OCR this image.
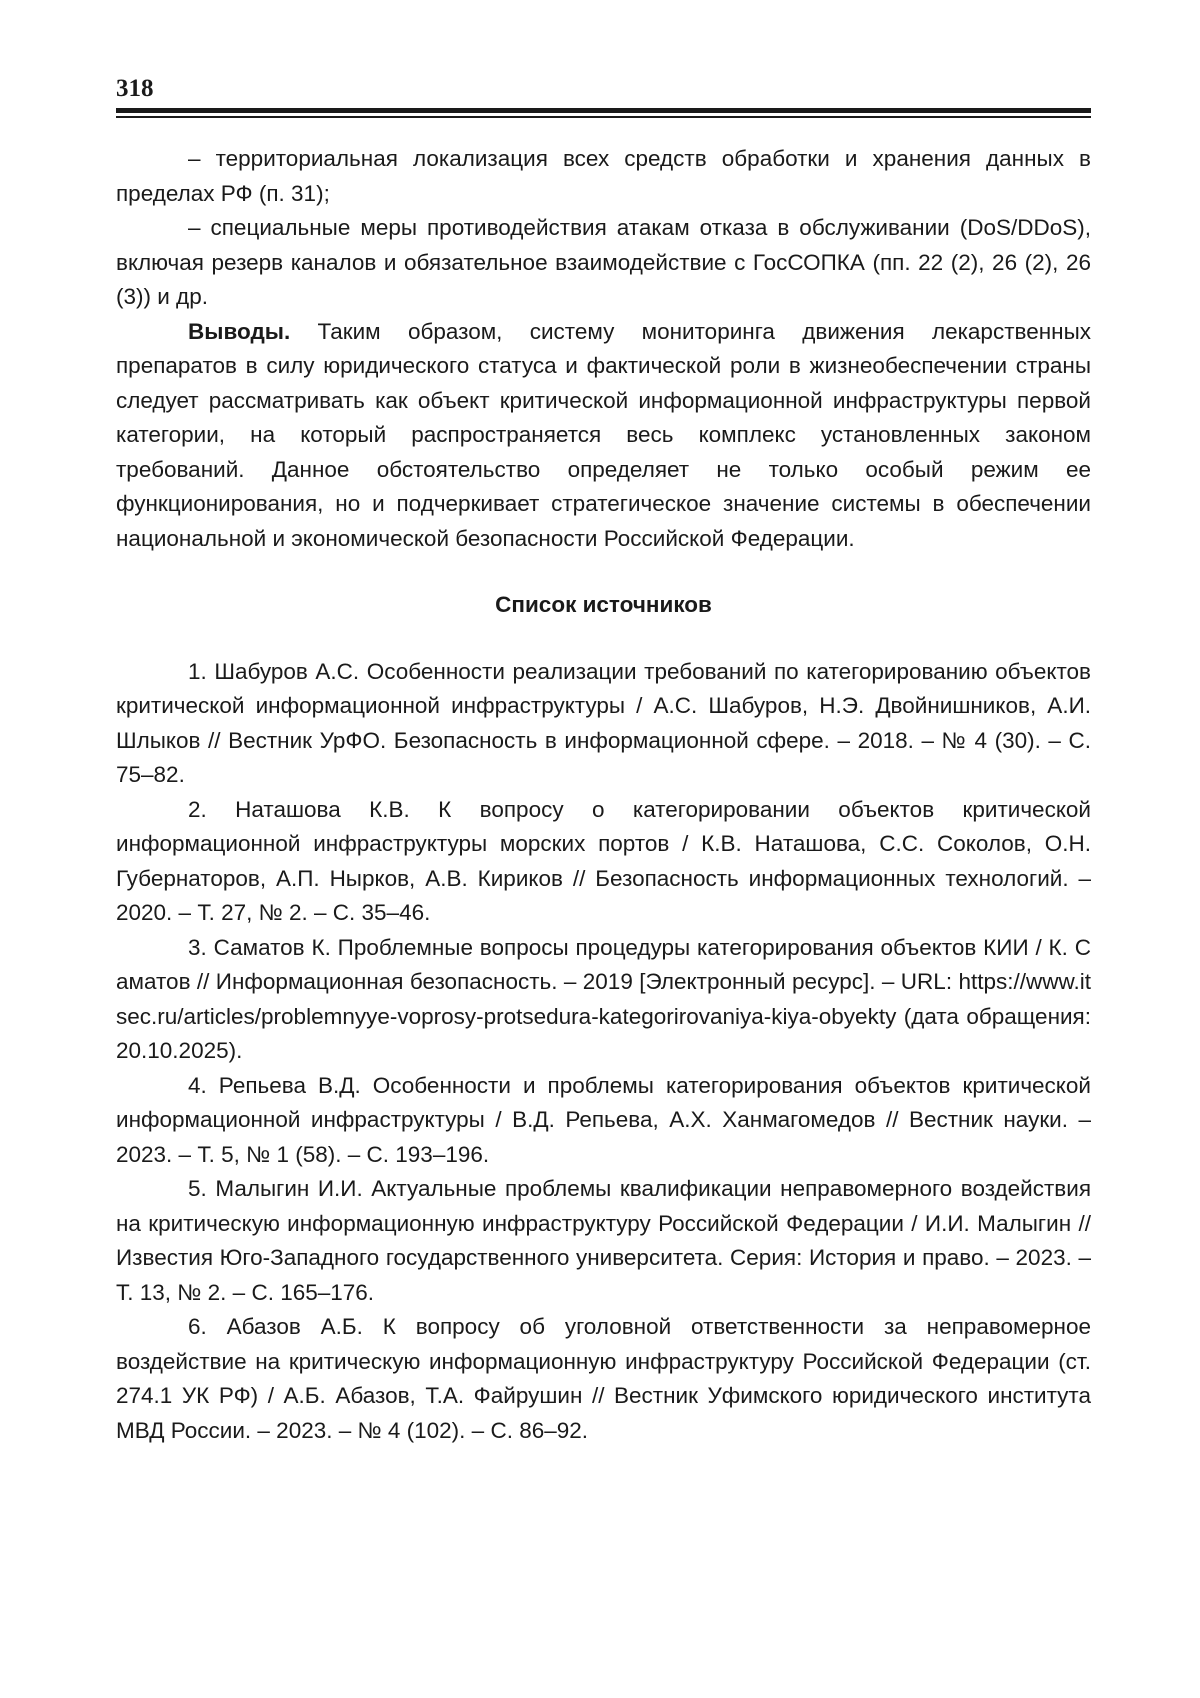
318

– территориальная локализация всех средств обработки и хранения данных в пределах РФ (п. 31);

– специальные меры противодействия атакам отказа в обслуживании (DoS/DDoS), включая резерв каналов и обязательное взаимодействие с ГосСОПКА (пп. 22 (2), 26 (2), 26 (3)) и др.

Выводы. Таким образом, систему мониторинга движения лекарственных препаратов в силу юридического статуса и фактической роли в жизнеобеспечении страны следует рассматривать как объект критической информационной инфраструктуры первой категории, на который распространяется весь комплекс установленных законом требований. Данное обстоятельство определяет не только особый режим ее функционирования, но и подчеркивает стратегическое значение системы в обеспечении национальной и экономической безопасности Российской Федерации.

Список источников

1. Шабуров А.С. Особенности реализации требований по категорированию объектов критической информационной инфраструктуры / А.С. Шабуров, Н.Э. Двойнишников, А.И. Шлыков // Вестник УрФО. Безопасность в информационной сфере. – 2018. – № 4 (30). – С. 75–82.

2. Наташова К.В. К вопросу о категорировании объектов критической информационной инфраструктуры морских портов / К.В. Наташова, С.С. Соколов, О.Н. Губернаторов, А.П. Нырков, А.В. Кириков // Безопасность информационных технологий. – 2020. – Т. 27, № 2. – С. 35–46.

3. Саматов К. Проблемные вопросы процедуры категорирования объектов КИИ / К. Саматов // Информационная безопасность. – 2019 [Электронный ресурс]. – URL: https://www.itsec.ru/articles/problemnyye-voprosy-protsedura-kategorirovaniya-kiya-obyekty (дата обращения: 20.10.2025).

4. Репьева В.Д. Особенности и проблемы категорирования объектов критической информационной инфраструктуры / В.Д. Репьева, А.Х. Ханмагомедов // Вестник науки. – 2023. – Т. 5, № 1 (58). – С. 193–196.

5. Малыгин И.И. Актуальные проблемы квалификации неправомерного воздействия на критическую информационную инфраструктуру Российской Федерации / И.И. Малыгин // Известия Юго-Западного государственного университета. Серия: История и право. – 2023. – Т. 13, № 2. – С. 165–176.

6. Абазов А.Б. К вопросу об уголовной ответственности за неправомерное воздействие на критическую информационную инфраструктуру Российской Федерации (ст. 274.1 УК РФ) / А.Б. Абазов, Т.А. Файрушин // Вестник Уфимского юридического института МВД России. – 2023. – № 4 (102). – С. 86–92.
